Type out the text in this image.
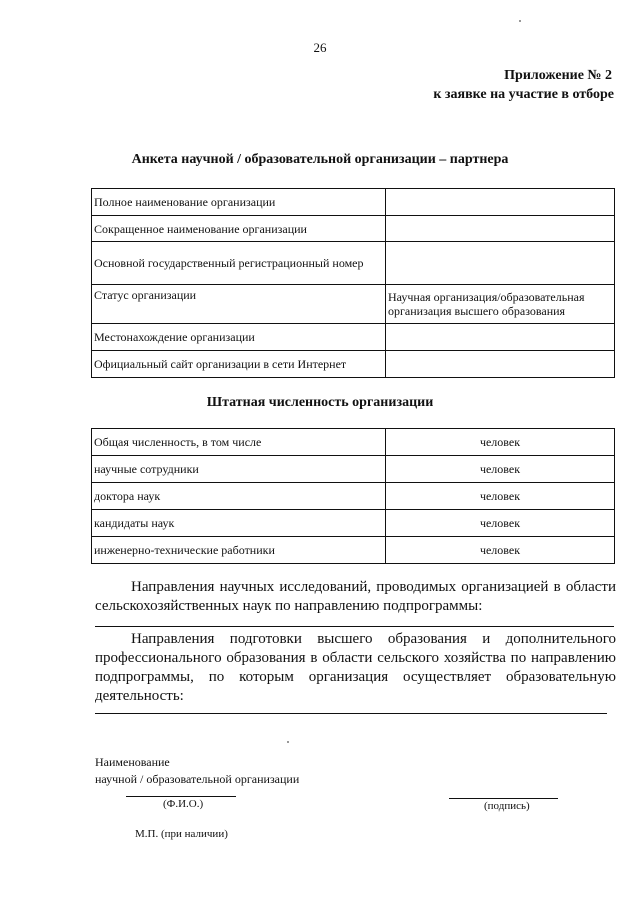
26
Приложение № 2
к заявке на участие в отборе
Анкета научной / образовательной организации – партнера
Полное наименование организации	
Сокращенное наименование организации	
Основной государственный регистрационный номер	
Статус организации	Научная организация/образовательная организация высшего образования
Местонахождение организации	
Официальный сайт организации в сети Интернет	
Штатная численность организации
Общая численность, в том числе	человек
научные сотрудники	человек
доктора наук	человек
кандидаты наук	человек
инженерно-технические работники	человек
Направления научных исследований, проводимых организацией в области сельскохозяйственных наук по направлению подпрограммы:
Направления подготовки высшего образования и дополнительного профессионального образования в области сельского хозяйства по направлению подпрограммы, по которым организация осуществляет образовательную деятельность:
Наименование
научной / образовательной организации
(Ф.И.О.)	(подпись)
М.П. (при наличии)
